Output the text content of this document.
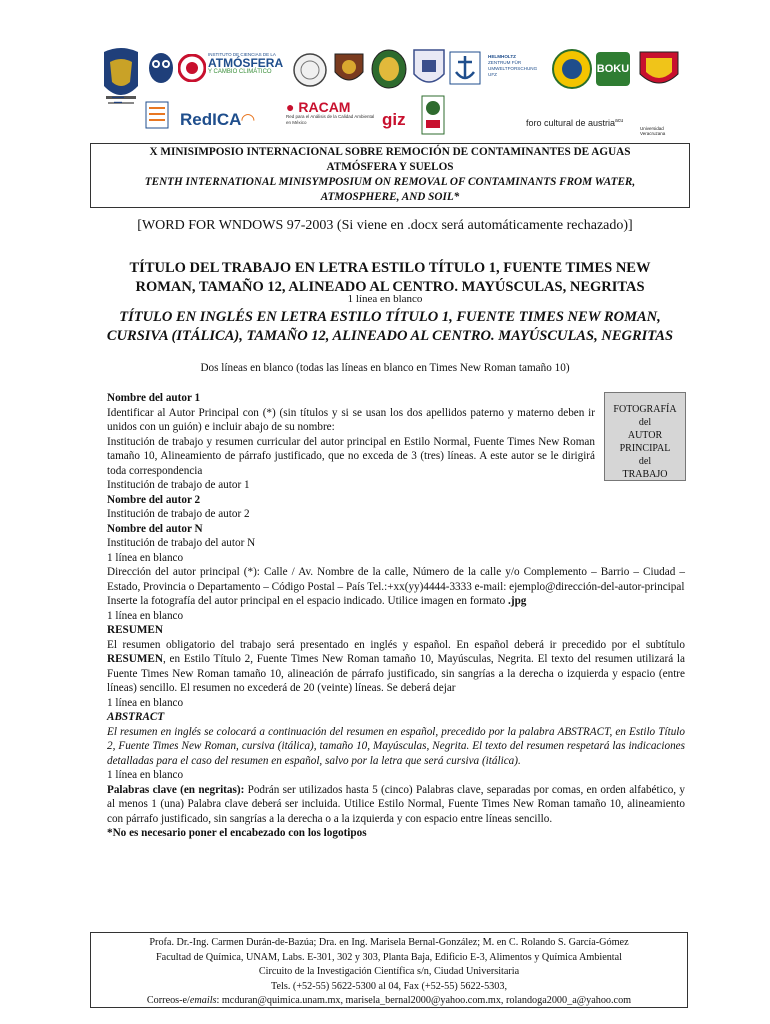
INSTITUTO DE CIENCIAS DE LA
ATMÓSFERA
Y CAMBIO CLIMÁTICO
HELMHOLTZ
ZENTRUM FÜR
UMWELTFORSCHUNG
UFZ	BOKU
▬▬▬
▬▬
RedICA◠
● RACAM
Red para el Análisis de la Calidad Ambiental en México	giz	foro cultural de austria$^{acu}$
Universidad Veracruzana
X MINISIMPOSIO INTERNACIONAL SOBRE REMOCIÓN DE CONTAMINANTES DE AGUAS
ATMÓSFERA Y SUELOS
TENTH INTERNATIONAL MINISYMPOSIUM ON REMOVAL OF CONTAMINANTS FROM WATER,
ATMOSPHERE, AND SOIL*
[WORD FOR WNDOWS 97-2003 (Si viene en .docx será automáticamente rechazado)]
TÍTULO DEL TRABAJO EN LETRA ESTILO TÍTULO 1, FUENTE TIMES NEW ROMAN, TAMAÑO 12, ALINEADO AL CENTRO. MAYÚSCULAS, NEGRITAS
1 línea en blanco
TÍTULO EN INGLÉS EN LETRA ESTILO TÍTULO 1, FUENTE TIMES NEW ROMAN, CURSIVA (ITÁLICA), TAMAÑO 12, ALINEADO AL CENTRO. MAYÚSCULAS, NEGRITAS
Dos líneas en blanco (todas las líneas en blanco en Times New Roman tamaño 10)
FOTOGRAFÍA
del
AUTOR
PRINCIPAL
del
TRABAJO

Nombre del autor 1

Identificar al Autor Principal con (*) (sin títulos y si se usan los dos apellidos paterno y materno deben ir unidos con un guión) e incluir abajo de su nombre:

Institución de trabajo y resumen curricular del autor principal en Estilo Normal, Fuente Times New Roman tamaño 10, Alineamiento de párrafo justificado, que no exceda de 3 (tres) líneas. A este autor se le dirigirá toda correspondencia

Institución de trabajo de autor 1

Nombre del autor 2

Institución de trabajo de autor 2

Nombre del autor N

Institución de trabajo del autor N

1 línea en blanco

Dirección del autor principal (*): Calle / Av. Nombre de la calle, Número de la calle y/o Complemento – Barrio – Ciudad – Estado, Provincia o Departamento – Código Postal – País Tel.:+xx(yy)4444-3333 e-mail: ejemplo@dirección-del-autor-principal

Inserte la fotografía del autor principal en el espacio indicado. Utilice imagen en formato .jpg

1 línea en blanco

RESUMEN

El resumen obligatorio del trabajo será presentado en inglés y español. En español deberá ir precedido por el subtítulo RESUMEN, en Estilo Título 2, Fuente Times New Roman tamaño 10, Mayúsculas, Negrita. El texto del resumen utilizará la Fuente Times New Roman tamaño 10, alineación de párrafo justificado, sin sangrías a la derecha o izquierda y espacio (entre líneas) sencillo. El resumen no excederá de 20 (veinte) líneas. Se deberá dejar

1 línea en blanco

ABSTRACT

El resumen en inglés se colocará a continuación del resumen en español, precedido por la palabra ABSTRACT, en Estilo Título 2, Fuente Times New Roman, cursiva (itálica), tamaño 10, Mayúsculas, Negrita. El texto del resumen respetará las indicaciones detalladas para el caso del resumen en español, salvo por la letra que será cursiva (itálica).

1 línea en blanco

Palabras clave (en negritas): Podrán ser utilizados hasta 5 (cinco) Palabras clave, separadas por comas, en orden alfabético, y al menos 1 (una) Palabra clave deberá ser incluida. Utilice Estilo Normal, Fuente Times New Roman tamaño 10, alineamiento con párrafo justificado, sin sangrías a la derecha o a la izquierda y con espacio entre líneas sencillo.

*No es necesario poner el encabezado con los logotipos

Profa. Dr.-Ing. Carmen Durán-de-Bazúa; Dra. en Ing. Marisela Bernal-González; M. en C. Rolando S. García-Gómez
Facultad de Química, UNAM, Labs. E-301, 302 y 303, Planta Baja, Edificio E-3, Alimentos y Química Ambiental
Circuito de la Investigación Científica s/n, Ciudad Universitaria
Tels. (+52-55) 5622-5300 al 04, Fax (+52-55) 5622-5303,
Correos-e/emails: mcduran@quimica.unam.mx, marisela_bernal2000@yahoo.com.mx, rolandoga2000_a@yahoo.com
